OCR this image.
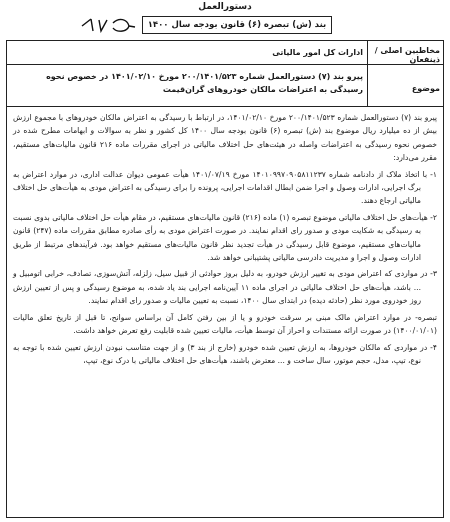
دستورالعمل
بند (ش) تبصره (۶) قانون بودجه سال ۱۴۰۰
مخاطبین اصلی / ذینفعان
ادارات کل امور مالیاتی
موضوع
پیرو بند (۷) دستورالعمل شماره ۲۰۰/۱۴۰۱/۵۲۳ مورخ ۱۴۰۱/۰۲/۱۰ در خصوص نحوه رسیدگی به اعتراضات مالکان خودروهای گران‌قیمت

پیرو بند (۷) دستورالعمل شماره ۲۰۰/۱۴۰۱/۵۲۳ مورخ ۱۴۰۱/۰۲/۱۰، در ارتباط با رسیدگی به اعتراض مالکان خودروهای با مجموع ارزش بیش از ده میلیارد ریال موضوع بند (ش) تبصره (۶) قانون بودجه سال ۱۴۰۰ کل کشور و نظر به سوالات و ابهامات مطرح شده در خصوص نحوه رسیدگی به اعتراضات واصله در هیئت‌های حل اختلاف مالیاتی در اجرای مقررات ماده ۲۱۶ قانون مالیات‌های مستقیم، مقرر می‌دارد:

۱- با اتخاذ ملاک از دادنامه شماره ۱۴۰۱۰۹۹۷۰۹۰۵۸۱۱۲۳۷ مورخ ۱۴۰۱/۰۷/۱۹ هیأت عمومی دیوان عدالت اداری، در موارد اعتراض به برگ اجرایی، ادارات وصول و اجرا ضمن ابطال اقدامات اجرایی، پرونده را برای رسیدگی به اعتراض مودی به هیأت‌های حل اختلاف مالیاتی ارجاع دهند.

۲- هیأت‌های حل اختلاف مالیاتی موضوع تبصره (۱) ماده (۲۱۶) قانون مالیات‌های مستقیم، در مقام هیأت حل اختلاف مالیاتی بدوی نسبت به رسیدگی به شکایت مودی و صدور رای اقدام نمایند. در صورت اعتراض مودی به رأی صادره مطابق مقررات ماده (۲۴۷) قانون مالیات‌های مستقیم، موضوع قابل رسیدگی در هیأت تجدید نظر قانون مالیات‌های مستقیم خواهد بود. فرآیندهای مرتبط از طریق ادارات وصول و اجرا و مدیریت دادرسی مالیاتی پشتیبانی خواهد شد.

۳- در مواردی که اعتراض مودی به تغییر ارزش خودرو، به دلیل بروز حوادثی از قبیل سیل، زلزله، آتش‌سوزی، تصادف، خرابی اتومبیل و ... باشد، هیأت‌های حل اختلاف مالیاتی در اجرای ماده ۱۱ آیین‌نامه اجرایی بند یاد شده، به موضوع رسیدگی و پس از تعیین ارزش روز خودروی مورد نظر (حادثه دیده) در ابتدای سال ۱۴۰۰، نسبت به تعیین مالیات و صدور رای اقدام نمایند.

تبصره- در موارد اعتراض مالک مبنی بر سرقت خودرو و یا از بین رفتن کامل آن براساس سوانح، تا قبل از تاریخ تعلق مالیات (۱۴۰۰/۰۱/۰۱) در صورت ارائه مستندات و احراز آن توسط هیأت، مالیات تعیین شده قابلیت رفع تعرض خواهد داشت.

۴- در مواردی که مالکان خودروها، به ارزش تعیین شده خودرو (خارج از بند ۳) و از جهت متناسب نبودن ارزش تعیین شده با توجه به نوع، تیپ، مدل، حجم موتور، سال ساخت و ... معترض باشند، هیأت‌های حل اختلاف مالیاتی با درک نوع، تیپ،
